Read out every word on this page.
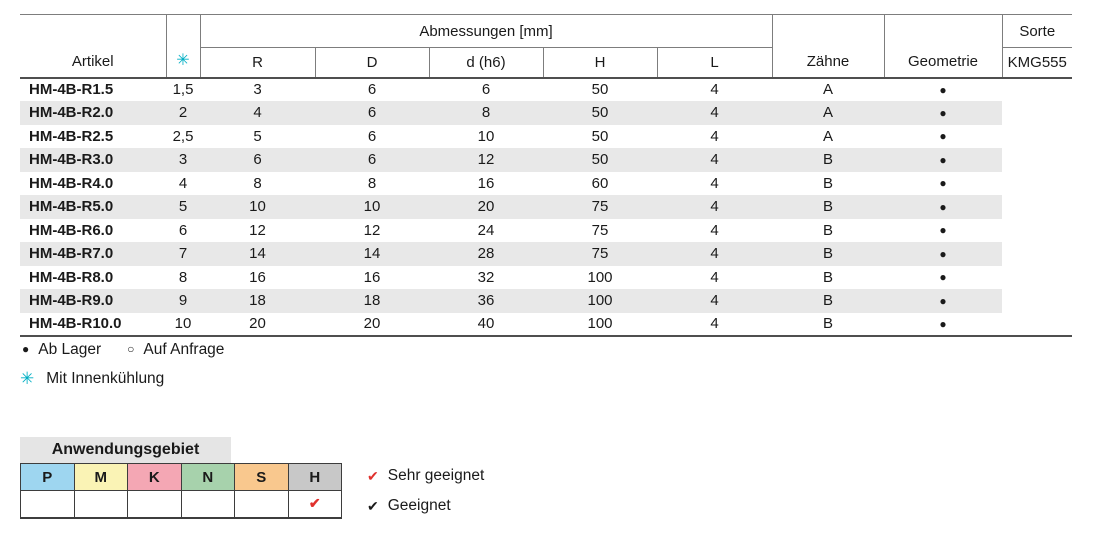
Artikel	✳	Abmessungen [mm]					Zähne	Geometrie	Sorte
		R	D	d (h6)	H	L			KMG555
HM-4B-R1.5	1,5	3	6	6	50	4	A	●	
HM-4B-R2.0	2	4	6	8	50	4	A	●	
HM-4B-R2.5	2,5	5	6	10	50	4	A	●	
HM-4B-R3.0	3	6	6	12	50	4	B	●	
HM-4B-R4.0	4	8	8	16	60	4	B	●	
HM-4B-R5.0	5	10	10	20	75	4	B	●	
HM-4B-R6.0	6	12	12	24	75	4	B	●	
HM-4B-R7.0	7	14	14	28	75	4	B	●	
HM-4B-R8.0	8	16	16	32	100	4	B	●	
HM-4B-R9.0	9	18	18	36	100	4	B	●	
HM-4B-R10.0	10	20	20	40	100	4	B	●	
● Ab Lager ○ Auf Anfrage
✳ Mit Innenkühlung
Anwendungsgebiet
P	M	K	N	S	H
					✔
✔ Sehr geeignet
✔ Geeignet
